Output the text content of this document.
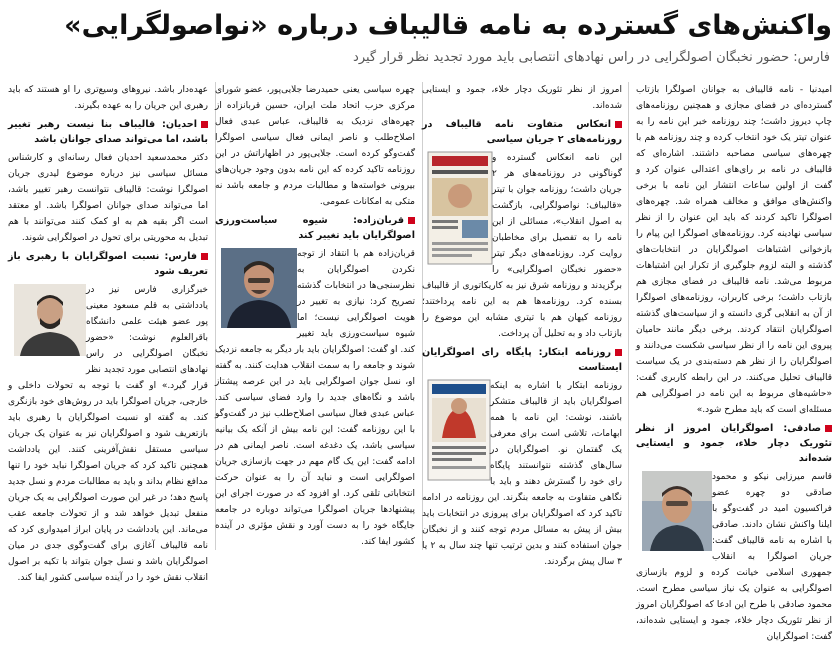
واکنش‌های گسترده به نامه قالیباف درباره «نواصولگرایی»
فارس: حضور نخبگان اصولگرایی در راس نهادهای انتصابی باید مورد تجدید نظر قرار گیرد

امیدنیا - نامه قالیباف به جوانان اصولگرا بازتاب گسترده‌ای در فضای مجازی و همچنین روزنامه‌های چاپ دیروز داشت؛ چند روزنامه خبر این نامه را به عنوان تیتر یک خود انتخاب کرده و چند روزنامه هم با چهره‌های سیاسی مصاحبه داشتند. اشاره‌ای که قالیباف در نامه بر رای‌های اعتدالی عنوان کرد و گفت از اولین ساعات انتشار این نامه با برخی واکنش‌های موافق و مخالف همراه شد. چهره‌های اصولگرا تاکید کردند که باید این عنوان را از نظر سیاسی نهادینه کرد. روزنامه‌های اصولگرا این پیام را بازخوانی اشتباهات اصولگرایان در انتخابات‌های گذشته و البته لزوم جلوگیری از تکرار این اشتباهات مربوط می‌شد. نامه قالیباف در فضای مجازی هم بازتاب داشت؛ برخی کاربران، روزنامه‌های اصولگرا از آن به انقلابی گری دانسته و از سیاست‌های گذشته اصولگرایان انتقاد کردند. برخی دیگر مانند حامیان پیروی این نامه را از نظر سیاسی شکست می‌دانند و اصولگرایان را از نظر هم دسته‌بندی در یک سیاست قالیباف تحلیل می‌کنند. در این رابطه کاربری گفت: «حاشیه‌های مربوط به این نامه در اصولگرایی هم مسئله‌ای است که باید مطرح شود.»

صادقی: اصولگرایان امروز از نظر تئوریک دچار خلاء، جمود و ایستایی شده‌اند

قاسم میرزایی نیکو و محمود صادقی دو چهره عضو فراکسیون امید در گفت‌وگو با ایلنا واکنش نشان دادند. صادقی با اشاره به نامه قالیباف گفت: جریان اصولگرا به انقلاب جمهوری اسلامی خیانت کرده و لزوم بازسازی اصولگرایی به عنوان یک نیاز سیاسی مطرح است. محمود صادقی با طرح این ادعا که اصولگرایان امروز از نظر تئوریک دچار خلاء، جمود و ایستایی شده‌اند، گفت: اصولگرایان

امروز از نظر تئوریک دچار خلاء، جمود و ایستایی شده‌اند.

انعکاس متفاوت نامه قالیباف در روزنامه‌های ۲ جریان سیاسی

این نامه انعکاس گسترده و گوناگونی در روزنامه‌های هر ۲ جریان داشت؛ روزنامه جوان با تیتر «قالیباف: نواصولگرایی، بازگشت به اصول انقلاب»، مسائلی از این نامه را به تفصیل برای مخاطبان روایت کرد. روزنامه‌های دیگر تیتر «حضور نخبگان اصولگرایی» را برگزیدند و روزنامه شرق نیز به کاریکاتوری از قالیباف بسنده کرد. روزنامه‌ها هم به این نامه پرداختند؛ روزنامه کیهان هم با تیتری مشابه این موضوع را بازتاب داد و به تحلیل آن پرداخت.

روزنامه ابتکار: پایگاه رای اصولگرایان ایستاست

روزنامه ابتکار با اشاره به اینکه اصولگرایان باید از قالیباف متشکر باشند، نوشت: این نامه با همه ابهامات، تلاشی است برای معرفی یک گفتمان نو. اصولگرایان در سال‌های گذشته نتوانستند پایگاه رای خود را گسترش دهند و باید با نگاهی متفاوت به جامعه بنگرند. این روزنامه در ادامه تاکید کرد که اصولگرایان برای پیروزی در انتخابات باید بیش از پیش به مسائل مردم توجه کنند و از نخبگان جوان استفاده کنند و بدین ترتیب تنها چند سال به ۲ یا ۳ سال پیش برگردند.

چهره سیاسی یعنی حمیدرضا جلایی‌پور، عضو شورای مرکزی حزب اتحاد ملت ایران، حسین قربانزاده از چهره‌های نزدیک به قالیباف، عباس عبدی فعال اصلاح‌طلب و ناصر ایمانی فعال سیاسی اصولگرا گفت‌وگو کرده است. جلایی‌پور در اظهاراتش در این روزنامه تاکید کرده که این نامه بدون وجود جریان‌های بیرونی خواسته‌ها و مطالبات مردم و جامعه باشد نه متکی به امکانات عمومی.

قربان‌زاده: شیوه سیاست‌ورزی اصولگرایان باید تغییر کند

قربان‌زاده هم با انتقاد از توجه نکردن اصولگرایان به نظرسنجی‌ها در انتخابات گذشته تصریح کرد: نیازی به تغییر در هویت اصولگرایی نیست؛ اما شیوه سیاست‌ورزی باید تغییر کند. او گفت: اصولگرایان باید بار دیگر به جامعه نزدیک شوند و جامعه را به سمت انقلاب هدایت کنند. به گفته او، نسل جوان اصولگرایی باید در این عرصه پیشتاز باشد و نگاه‌های جدید را وارد فضای سیاسی کند. عباس عبدی فعال سیاسی اصلاح‌طلب نیز در گفت‌وگو با این روزنامه گفت: این نامه بیش از آنکه یک بیانیه سیاسی باشد، یک دغدغه است. ناصر ایمانی هم در ادامه گفت: این یک گام مهم در جهت بازسازی جریان اصولگرایی است و نباید آن را به عنوان حرکت انتخاباتی تلقی کرد. او افزود که در صورت اجرای این پیشنهادها جریان اصولگرا می‌تواند دوباره در جامعه جایگاه خود را به دست آورد و نقش مؤثری در آینده کشور ایفا کند.

عهده‌دار باشد. نیروهای وسیع‌تری را او هستند که باید رهبری این جریان را به عهده بگیرند.

احدیان: قالیباف بنا نیست رهبر تغییر باشد، اما می‌تواند صدای جوانان باشد

دکتر محمدسعید احدیان فعال رسانه‌ای و کارشناس مسائل سیاسی نیز درباره موضوع لیدری جریان اصولگرا نوشت: قالیباف نتوانست رهبر تغییر باشد، اما می‌تواند صدای جوانان اصولگرا باشد. او معتقد است اگر بقیه هم به او کمک کنند می‌توانند با هم تبدیل به محوریتی برای تحول در اصولگرایی شوند.

فارس: نسبت اصولگرایان با رهبری باز تعریف شود

خبرگزاری فارس نیز در یادداشتی به قلم مسعود معینی پور عضو هیئت علمی دانشگاه باقرالعلوم نوشت: «حضور نخبگان اصولگرایی در راس نهادهای انتصابی مورد تجدید نظر قرار گیرد.» او گفت با توجه به تحولات داخلی و خارجی، جریان اصولگرا باید در روش‌های خود بازنگری کند. به گفته او نسبت اصولگرایان با رهبری باید بازتعریف شود و اصولگرایان نیز به عنوان یک جریان سیاسی مستقل نقش‌آفرینی کنند. این یادداشت همچنین تاکید کرد که جریان اصولگرا نباید خود را تنها مدافع نظام بداند و باید به مطالبات مردم و نسل جدید پاسخ دهد؛ در غیر این صورت اصولگرایی به یک جریان منفعل تبدیل خواهد شد و از تحولات جامعه عقب می‌ماند. این یادداشت در پایان ابراز امیدواری کرد که نامه قالیباف آغازی برای گفت‌وگوی جدی در میان اصولگرایان باشد و نسل جوان بتواند با تکیه بر اصول انقلاب نقش خود را در آینده سیاسی کشور ایفا کند.
